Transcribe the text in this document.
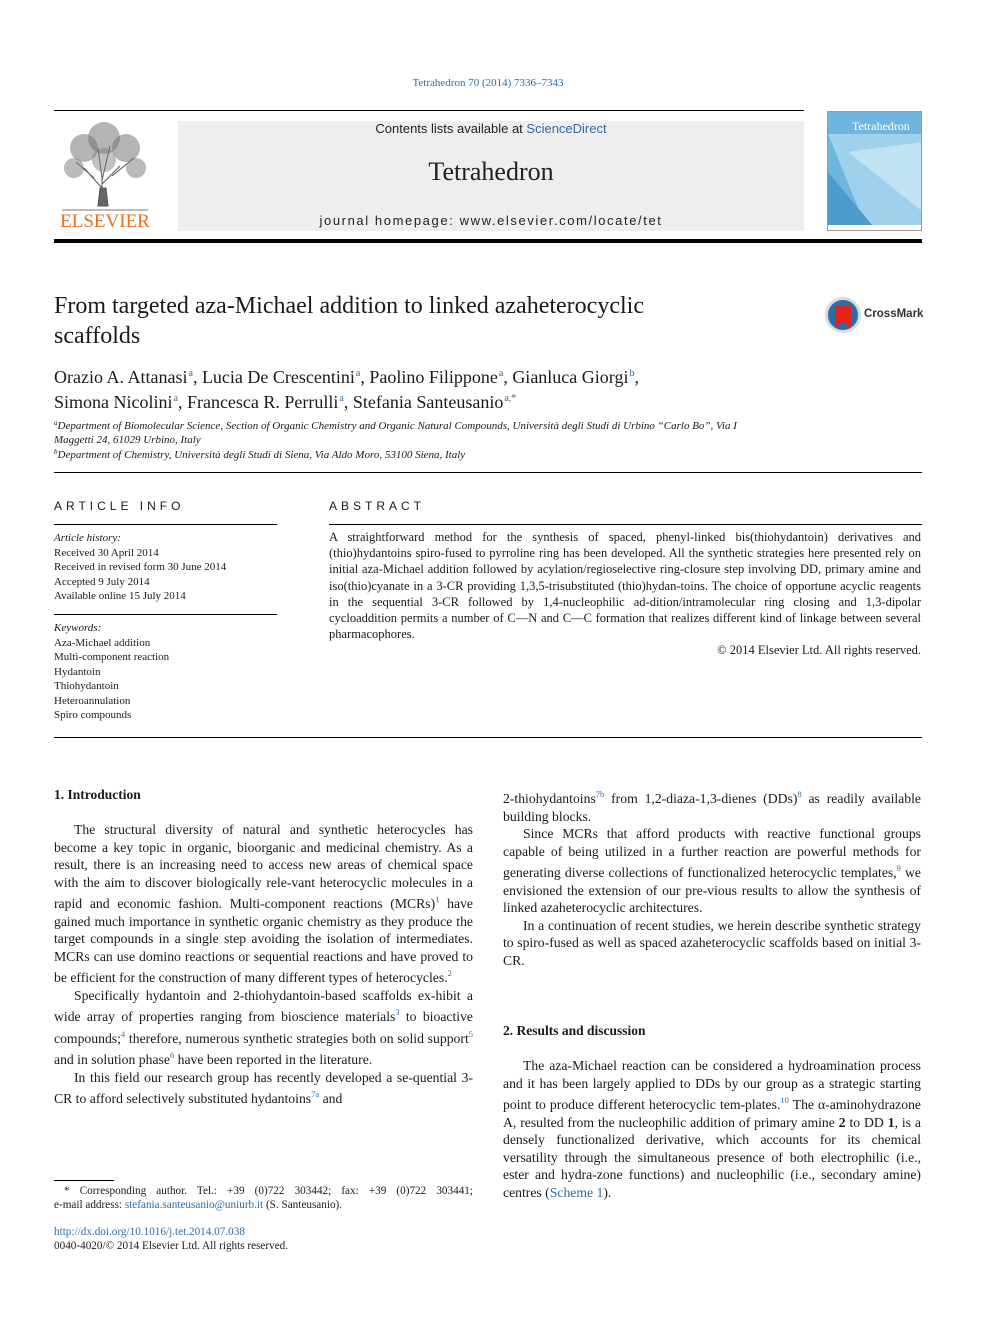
Tetrahedron 70 (2014) 7336–7343
ELSEVIER
Contents lists available at ScienceDirect
Tetrahedron
journal homepage: www.elsevier.com/locate/tet
Tetrahedron
From targeted aza-Michael addition to linked azaheterocyclic
scaffolds
CrossMark
Orazio A. Attanasi$^a$, Lucia De Crescentini$^a$, Paolino Filippone$^a$, Gianluca Giorgi$^b$,
Simona Nicolini$^a$, Francesca R. Perrulli$^a$, Stefania Santeusanio$^{a,*}$
$^a$Department of Biomolecular Science, Section of Organic Chemistry and Organic Natural Compounds, Università degli Studi di Urbino “Carlo Bo”, Via I
Maggetti 24, 61029 Urbino, Italy
$^b$Department of Chemistry, Università degli Studi di Siena, Via Aldo Moro, 53100 Siena, Italy
ARTICLE INFO
Article history:
Received 30 April 2014
Received in revised form 30 June 2014
Accepted 9 July 2014
Available online 15 July 2014
Keywords:
Aza-Michael addition
Multi-component reaction
Hydantoin
Thiohydantoin
Heteroannulation
Spiro compounds
ABSTRACT
A straightforward method for the synthesis of spaced, phenyl-linked bis(thiohydantoin) derivatives and (thio)hydantoins spiro-fused to pyrroline ring has been developed. All the synthetic strategies here presented rely on initial aza-Michael addition followed by acylation/regioselective ring-closure step involving DD, primary amine and iso(thio)cyanate in a 3-CR providing 1,3,5-trisubstituted (thio)hydan-toins. The choice of opportune acyclic reagents in the sequential 3-CR followed by 1,4-nucleophilic ad-dition/intramolecular ring closing and 1,3-dipolar cycloaddition permits a number of C—N and C—C formation that realizes different kind of linkage between several pharmacophores.
© 2014 Elsevier Ltd. All rights reserved.
1. Introduction

The structural diversity of natural and synthetic heterocycles has become a key topic in organic, bioorganic and medicinal chemistry. As a result, there is an increasing need to access new areas of chemical space with the aim to discover biologically rele-vant heterocyclic molecules in a rapid and economic fashion. Multi-component reactions (MCRs)$^1$ have gained much importance in synthetic organic chemistry as they produce the target compounds in a single step avoiding the isolation of intermediates. MCRs can use domino reactions or sequential reactions and have proved to be efficient for the construction of many different types of heterocycles.$^2$

Specifically hydantoin and 2-thiohydantoin-based scaffolds ex-hibit a wide array of properties ranging from bioscience materials$^3$ to bioactive compounds;$^4$ therefore, numerous synthetic strategies both on solid support$^5$ and in solution phase$^6$ have been reported in the literature.

In this field our research group has recently developed a se-quential 3-CR to afford selectively substituted hydantoins$^{7a}$ and

* Corresponding author. Tel.: +39 (0)722 303442; fax: +39 (0)722 303441;
e-mail address: stefania.santeusanio@uniurb.it (S. Santeusanio).
http://dx.doi.org/10.1016/j.tet.2014.07.038
0040-4020/© 2014 Elsevier Ltd. All rights reserved.

2-thiohydantoins$^{7b}$ from 1,2-diaza-1,3-dienes (DDs)$^8$ as readily available building blocks.

Since MCRs that afford products with reactive functional groups capable of being utilized in a further reaction are powerful methods for generating diverse collections of functionalized heterocyclic templates,$^9$ we envisioned the extension of our pre-vious results to allow the synthesis of linked azaheterocyclic architectures.

In a continuation of recent studies, we herein describe synthetic strategy to spiro-fused as well as spaced azaheterocyclic scaffolds based on initial 3-CR.

2. Results and discussion

The aza-Michael reaction can be considered a hydroamination process and it has been largely applied to DDs by our group as a strategic starting point to produce different heterocyclic tem-plates.$^{10}$ The α-aminohydrazone A, resulted from the nucleophilic addition of primary amine 2 to DD 1, is a densely functionalized derivative, which accounts for its chemical versatility through the simultaneous presence of both electrophilic (i.e., ester and hydra-zone functions) and nucleophilic (i.e., secondary amine) centres (Scheme 1).
